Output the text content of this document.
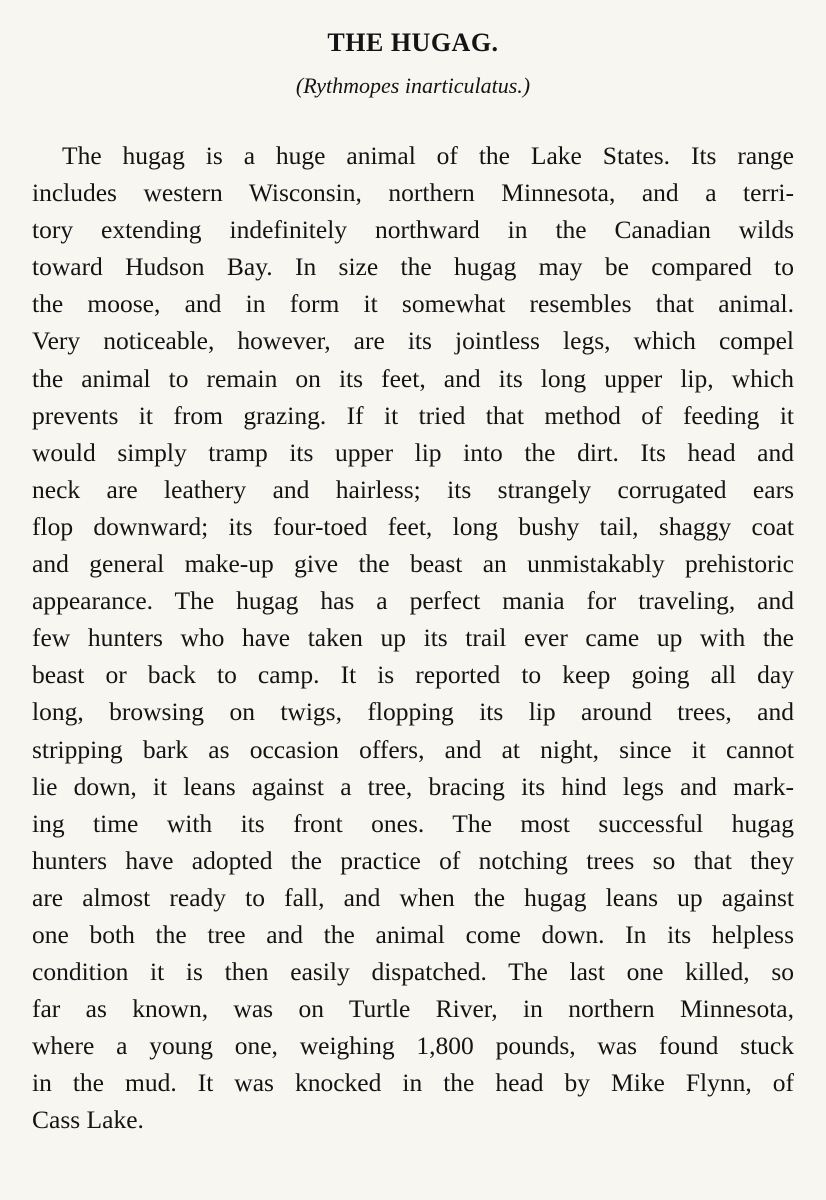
THE HUGAG.

(Rythmopes inarticulatus.)

The hugag is a huge animal of the Lake States. Its range
includes western Wisconsin, northern Minnesota, and a terri-
tory extending indefinitely northward in the Canadian wilds
toward Hudson Bay. In size the hugag may be compared to
the moose, and in form it somewhat resembles that animal.
Very noticeable, however, are its jointless legs, which compel
the animal to remain on its feet, and its long upper lip, which
prevents it from grazing. If it tried that method of feeding it
would simply tramp its upper lip into the dirt. Its head and
neck are leathery and hairless; its strangely corrugated ears
flop downward; its four-toed feet, long bushy tail, shaggy coat
and general make-up give the beast an unmistakably prehistoric
appearance. The hugag has a perfect mania for traveling, and
few hunters who have taken up its trail ever came up with the
beast or back to camp. It is reported to keep going all day
long, browsing on twigs, flopping its lip around trees, and
stripping bark as occasion offers, and at night, since it cannot
lie down, it leans against a tree, bracing its hind legs and mark-
ing time with its front ones. The most successful hugag
hunters have adopted the practice of notching trees so that they
are almost ready to fall, and when the hugag leans up against
one both the tree and the animal come down. In its helpless
condition it is then easily dispatched. The last one killed, so
far as known, was on Turtle River, in northern Minnesota,
where a young one, weighing 1,800 pounds, was found stuck
in the mud. It was knocked in the head by Mike Flynn, of
Cass Lake.
